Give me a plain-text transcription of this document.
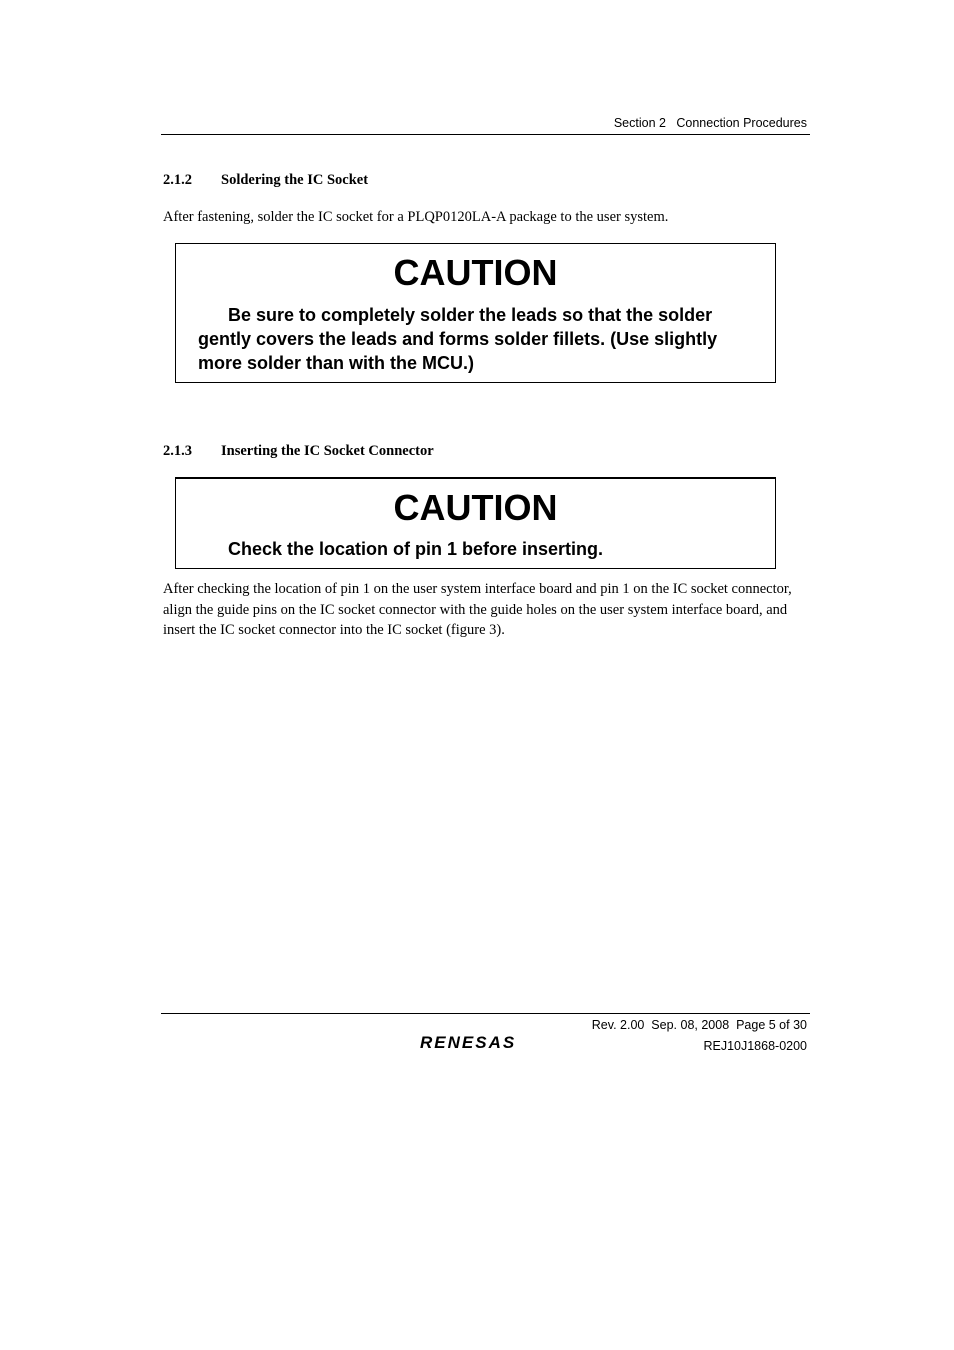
Section 2   Connection Procedures
2.1.2 Soldering the IC Socket
After fastening, solder the IC socket for a PLQP0120LA-A package to the user system.
CAUTION
Be sure to completely solder the leads so that the solder gently covers the leads and forms solder fillets. (Use slightly more solder than with the MCU.)
2.1.3 Inserting the IC Socket Connector
CAUTION
Check the location of pin 1 before inserting.
After checking the location of pin 1 on the user system interface board and pin 1 on the IC socket connector, align the guide pins on the IC socket connector with the guide holes on the user system interface board, and insert the IC socket connector into the IC socket (figure 3).
Rev. 2.00  Sep. 08, 2008  Page 5 of 30
REJ10J1868-0200
RENESAS
